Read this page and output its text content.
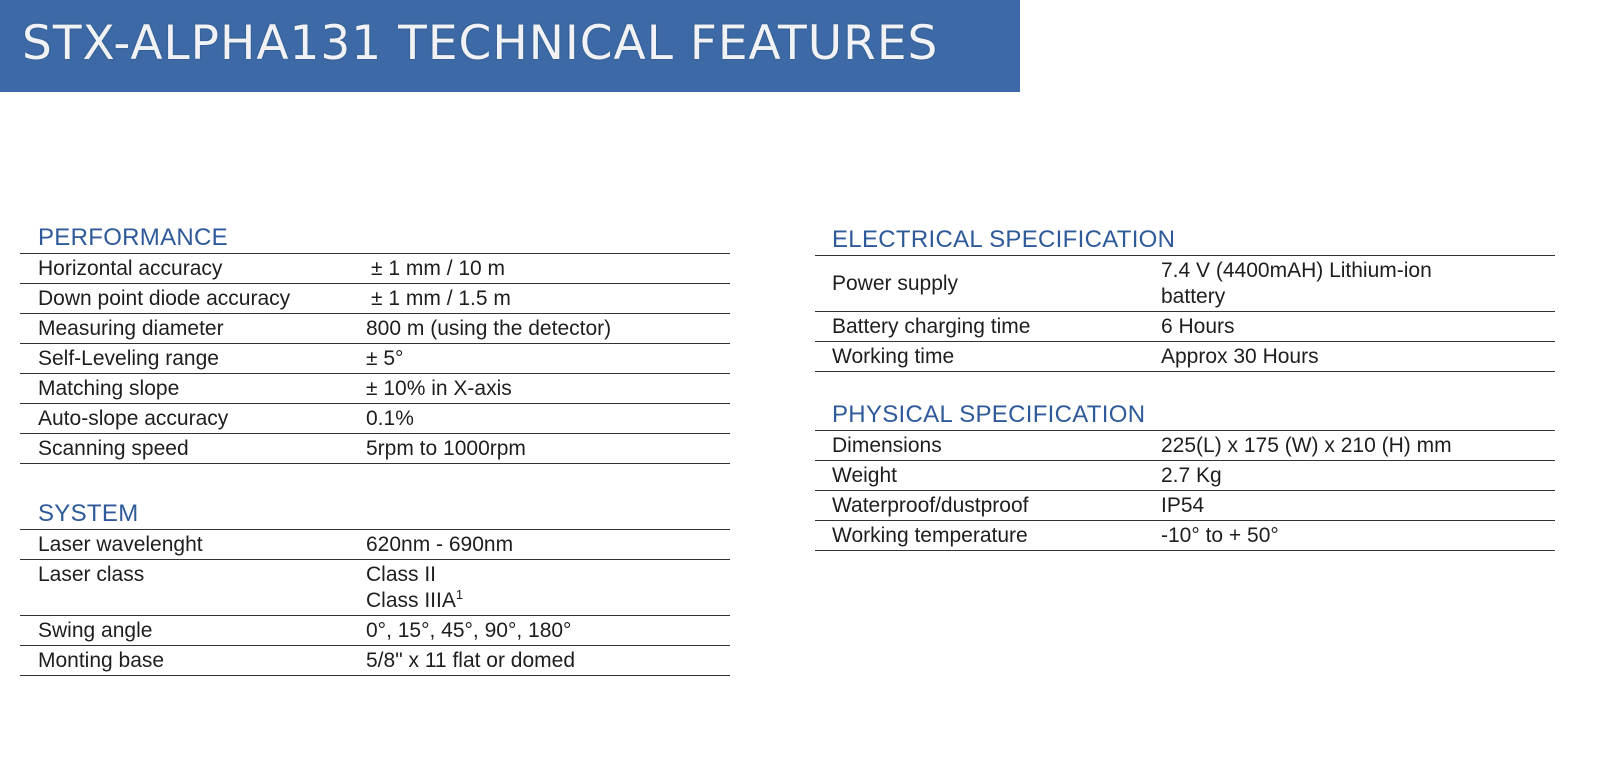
STX-ALPHA131 TECHNICAL FEATURES
PERFORMANCE
Horizontal accuracy	± 1 mm / 10 m
Down point diode accuracy	± 1 mm / 1.5 m
Measuring diameter	800 m (using the detector)
Self-Leveling range	± 5°
Matching slope	± 10% in X-axis
Auto-slope accuracy	0.1%
Scanning speed	5rpm to 1000rpm
SYSTEM
Laser wavelenght	620nm - 690nm
Laser class	Class II
Class IIIA$^1$

Swing angle	0°, 15°, 45°, 90°, 180°
Monting base	5/8" x 11 flat or domed
ELECTRICAL SPECIFICATION
Power supply	7.4 V (4400mAH) Lithium-ion
battery

Battery charging time	6 Hours
Working time	Approx 30 Hours
PHYSICAL SPECIFICATION
Dimensions	225(L) x 175 (W) x 210 (H) mm
Weight	2.7 Kg
Waterproof/dustproof	IP54
Working temperature	-10° to + 50°
